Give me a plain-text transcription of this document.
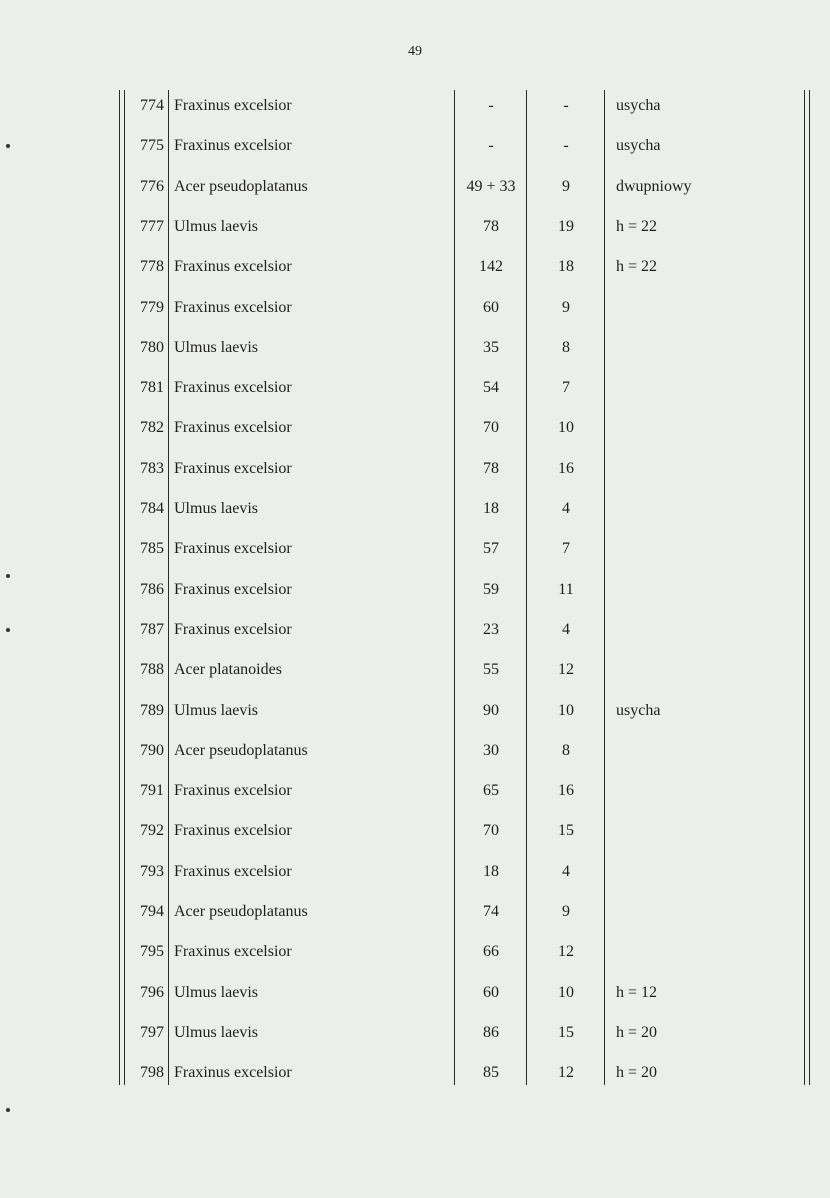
49
774 Fraxinus excelsior	-	-	usycha
775 Fraxinus excelsior	-	-	usycha
776 Acer pseudoplatanus	49 + 33	9	dwupniowy
777 Ulmus laevis	78	19	h = 22
778 Fraxinus excelsior	142	18	h = 22
779 Fraxinus excelsior	60	9
780 Ulmus laevis	35	8
781 Fraxinus excelsior	54	7
782 Fraxinus excelsior	70	10
783 Fraxinus excelsior	78	16
784 Ulmus laevis	18	4
785 Fraxinus excelsior	57	7
786 Fraxinus excelsior	59	11
787 Fraxinus excelsior	23	4
788 Acer platanoides	55	12
789 Ulmus laevis	90	10	usycha
790 Acer pseudoplatanus	30	8
791 Fraxinus excelsior	65	16
792 Fraxinus excelsior	70	15
793 Fraxinus excelsior	18	4
794 Acer pseudoplatanus	74	9
795 Fraxinus excelsior	66	12
796 Ulmus laevis	60	10	h = 12
797 Ulmus laevis	86	15	h = 20
798 Fraxinus excelsior	85	12	h = 20
